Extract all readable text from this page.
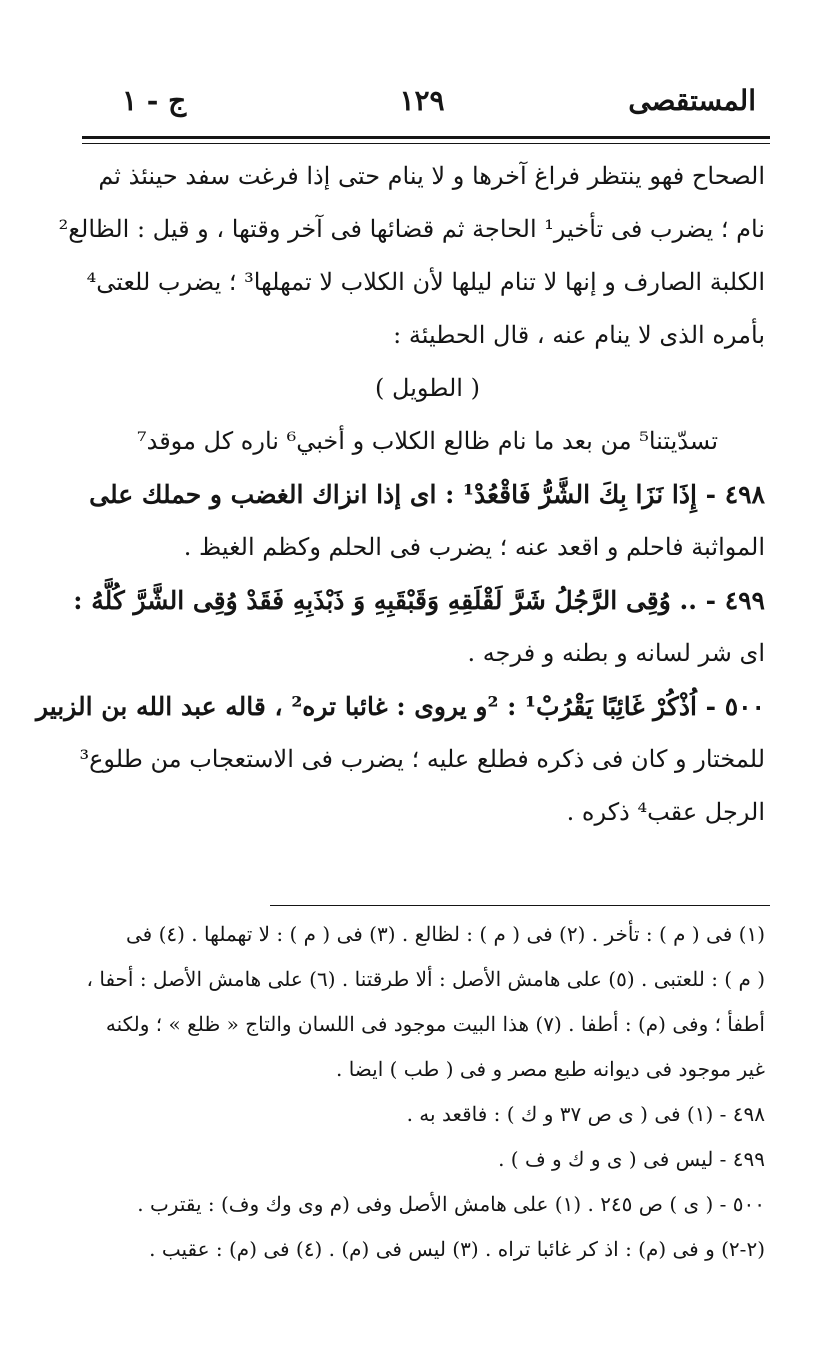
المستقصى
١٢٩
ج - ١
الصحاح فهو ينتظر فراغ آخرها و لا ينام حتى إذا فرغت سفد حينئذ ثم
نام ؛ يضرب فى تأخير¹ الحاجة ثم قضائها فى آخر وقتها ، و قيل : الظالع²
الكلبة الصارف و إنها لا تنام ليلها لأن الكلاب لا تمهلها³ ؛ يضرب للعتى⁴
بأمره الذى لا ينام عنه ، قال الحطيئة :
( الطويل )
تسدّيتنا⁵ من بعد ما نام ظالع الكلاب و أخبي⁶ ناره كل موقد⁷
٤٩٨ - إِذَا نَزَا بِكَ الشَّرُّ فَاقْعُدْ¹ : اى إذا انزاك الغضب و حملك على
المواثبة فاحلم و اقعد عنه ؛ يضرب فى الحلم وكظم الغيظ .
٤٩٩ - .. وُقِى الرَّجُلُ شَرَّ لَقْلَقِهِ وَقَبْقَبِهِ وَ ذَبْذَبِهِ فَقَدْ وُقِى الشَّرَّ كُلَّهُ :
اى شر لسانه و بطنه و فرجه .
٥٠٠ - اُذْكُرْ غَائِبًا يَقْرُبْ¹ : ²و يروى : غائبا تره² ، قاله عبد الله بن الزبير
للمختار و كان فى ذكره فطلع عليه ؛ يضرب فى الاستعجاب من طلوع³
الرجل عقب⁴ ذكره .
(١) فى ( م ) : تأخر . (٢) فى ( م ) : لظالع . (٣) فى ( م ) : لا تهملها . (٤) فى
( م ) : للعتبى . (٥) على هامش الأصل : ألا طرقتنا . (٦) على هامش الأصل : أحفا ،
أطفأ ؛ وفى (م) : أطفا . (٧) هذا البيت موجود فى اللسان والتاج « ظلع » ؛ ولكنه
غير موجود فى ديوانه طبع مصر و فى ( طب ) ايضا .
٤٩٨ - (١) فى ( ى ص ٣٧ و ك ) : فاقعد به .
٤٩٩ - ليس فى ( ى و ك و ف ) .
٥٠٠ - ( ى ) ص ٢٤٥ . (١) على هامش الأصل وفى (م وى وك وف) : يقترب .
(٢-٢) و فى (م) : اذ كر غائبا تراه . (٣) ليس فى (م) . (٤) فى (م) : عقيب .
